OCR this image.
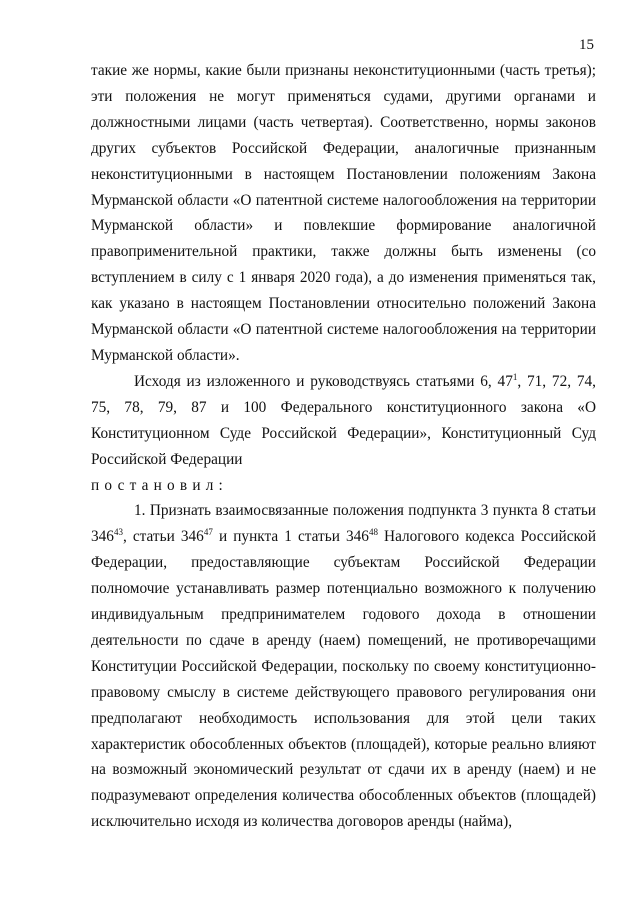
15

такие же нормы, какие были признаны неконституционными (часть третья); эти положения не могут применяться судами, другими органами и должностными лицами (часть четвертая). Соответственно, нормы законов других субъектов Российской Федерации, аналогичные признанным неконституционными в настоящем Постановлении положениям Закона Мурманской области «О патентной системе налогообложения на территории Мурманской области» и повлекшие формирование аналогичной правоприменительной практики, также должны быть изменены (со вступлением в силу с 1 января 2020 года), а до изменения применяться так, как указано в настоящем Постановлении относительно положений Закона Мурманской области «О патентной системе налогообложения на территории Мурманской области».

Исходя из изложенного и руководствуясь статьями 6, $47^1$, 71, 72, 74, 75, 78, 79, 87 и 100 Федерального конституционного закона «О Конституционном Суде Российской Федерации», Конституционный Суд Российской Федерации

постановил:

1. Признать взаимосвязанные положения подпункта 3 пункта 8 статьи $346^{43}$, статьи $346^{47}$ и пункта 1 статьи $346^{48}$ Налогового кодекса Российской Федерации, предоставляющие субъектам Российской Федерации полномочие устанавливать размер потенциально возможного к получению индивидуальным предпринимателем годового дохода в отношении деятельности по сдаче в аренду (наем) помещений, не противоречащими Конституции Российской Федерации, поскольку по своему конституционно-правовому смыслу в системе действующего правового регулирования они предполагают необходимость использования для этой цели таких характеристик обособленных объектов (площадей), которые реально влияют на возможный экономический результат от сдачи их в аренду (наем) и не подразумевают определения количества обособленных объектов (площадей) исключительно исходя из количества договоров аренды (найма),
